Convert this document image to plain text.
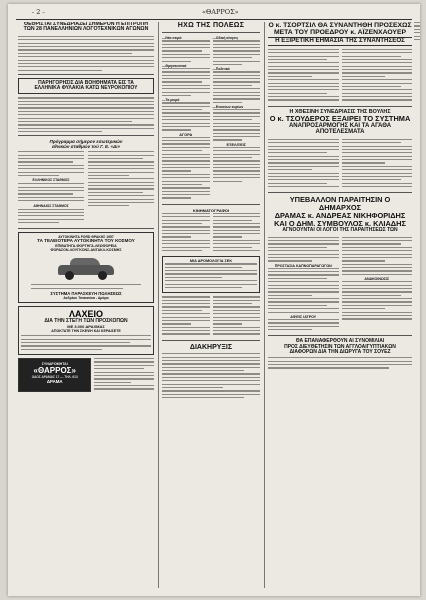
- 2 -	«ΘΑΡΡΟΣ»
ΘΕΘΡΙΣΤΑΙ ΣΥΝΕΔΡΙΑΖΕΙ ΣΗΜΕΡΟΝ Η ΕΠΙΤΡΟΠΗ
ΤΩΝ 28 ΠΑΝΕΛΛΗΝΙΩΝ ΛΟΓΟΤΕΧΝΙΚΩΝ ΑΓΩΝΩΝ
ΠΑΡΗΓΟΡΗΣΙΣ ΔΙΑ ΒΟΗΘΗΜΑΤΑ ΕΙΣ ΤΑ
ΕΛΛΗΝΙΚΑ ΦΥΛΑΚΙΑ ΚΑΤΩ ΝΕΥΡΟΚΟΠΙΟΥ
Πρόγραμμα σήμερον εσωτερικών
εθνικών σταθμών τού Γ. Ε. «Δι»
ΕΛΛΗΝΙΚΟΣ ΣΤΑΘΜΟΣ
ΑΘΗΝΑΙΟΣ ΣΤΑΘΜΟΣ
ΑΥΤΟΚΙΝΗΤΑ FORD ΘΡΑΚΗΣ 1957
ΤΑ ΤΕΛΕΙΟΤΕΡΑ ΑΥΤΟΚΙΝΗΤΑ ΤΟΥ ΚΟΣΜΟΥ
ΕΠΙΒΑΤΗΓΑ-ΦΟΡΤΗΓΑ-ΛΕΩΦΟΡΕΙΑ
ΦΟΡΔΣΟΝ-ΛΟΥΓΚΟΝΣ-ΑΝΤΑΚΛ-ΚΟΣΜΗΣ
ΣΥΣΤΗΜΑ ΠΑΡΑΣΚΕΥΗ ΠΩΛΗΣΕΩΣ
Ανδρέου Τσακανίκα - Δράμα
ΛΑΧΕΙΟ
ΔΙΑ ΤΗΝ ΣΤΕΓΗ ΤΩΝ ΠΡΟΣΚΟΠΩΝ
ΜΕ 3.000 ΔΡΑΧΜΑΣ
ΑΠΟΚΤΑΤΕ ΤΗΝ ΣΚΕΨΗ ΚΑΙ ΚΕΡΔΙΣΕΤΕ
ΣΥΝΔΡΟΜΗΤΑΙ
«ΘΑΡΡΟΣ»
ΟΔΟΣ ΔΡΑΜΑΣ 17 — ΤΗΛ. 613
ΔΡΑΜΑ
ΗΧΩ ΤΗΣ ΠΟΛΕΩΣ
—Νέα σειρά
—Θρησκευτικά
—Τα μικρά
ΑΓΟΡΑ
—Οδική κίνησις
—Πολιτικά
—Ενοικίων κυρίων
ΕΞΕΛΙΞΕΙΣ
ΚΙΝΗΜΑΤΟΓΡΑΦΟΙ
ΜΙΑ ΔΡΟΜΟΛΟΓΙΑ ΣΕΚ
ΔΙΑΚΗΡΥΞΙΣ
Ο κ. ΤΣΟΡΤΣΙΛ ΘΑ ΣΥΝΑΝΤΗΘΗ ΠΡΟΣΕΧΩΣ
ΜΕΤΑ ΤΟΥ ΠΡΟΕΔΡΟΥ κ. ΑΪΖΕΝΧΑΟΥΕΡ
Η ΕΞΙΡΕΤΙΚΗ ΕΗΜΑΣΙΑ ΤΗΣ ΣΥΝΑΝΤΗΣΕΟΣ
Η ΧΘΕΣΙΝΗ ΣΥΝΕΔΡΙΑΣΙΣ ΤΗΣ ΒΟΥΛΗΣ
Ο κ. ΤΣΟΥΔΕΡΟΣ ΕΞΑΙΡΕΙ ΤΟ ΣΥΣΤΗΜΑ
ΑΝΑΠΡΟΣΑΡΜΟΓΗΣ ΚΑΙ ΤΑ ΑΓΑΘΑ ΑΠΟΤΕΛΕΣΜΑΤΑ
ΥΠΕΒΑΛΛΟΝ ΠΑΡΑΙΤΗΣΙΝ Ο ΔΗΜΑΡΧΟΣ
ΔΡΑΜΑΣ κ. ΑΝΔΡΕΑΣ ΝΙΚΗΦΟΡΙΔΗΣ
ΚΑΙ Ο ΔΗΜ. ΣΥΜΒΟΥΛΟΣ κ. ΚΛΙΑΔΗΣ
ΑΓΝΟΟΥΝΤΑΙ ΟΙ ΛΟΓΟΙ ΤΗΣ ΠΑΡΑΙΤΗΣΕΩΣ ΤΩΝ
ΠΡΟΣΤΑΣΙΑ ΚΑΠΝΟΠΑΡΑΓΩΓΩΝ
ΑΦΙΞΙΣ ΙΑΤΡΟΥ
ΑΝΑΚΟΙΝΩΣΙΣ
ΘΑ ΕΠΑΝΑΦΕΡΘΟΥΝ ΑΙ ΣΥΝΟΜΙΛΙΑΙ
ΠΡΟΣ ΔΙΕΥΘΕΤΗΣΙΝ ΤΩΝ ΑΓΓΛΟΑΙΓΥΠΤΙΑΚΩΝ
ΔΙΑΦΟΡΩΝ ΔΙΑ ΤΗΝ ΔΙΩΡΥΓΑ ΤΟΥ ΣΟΥΕΖ
